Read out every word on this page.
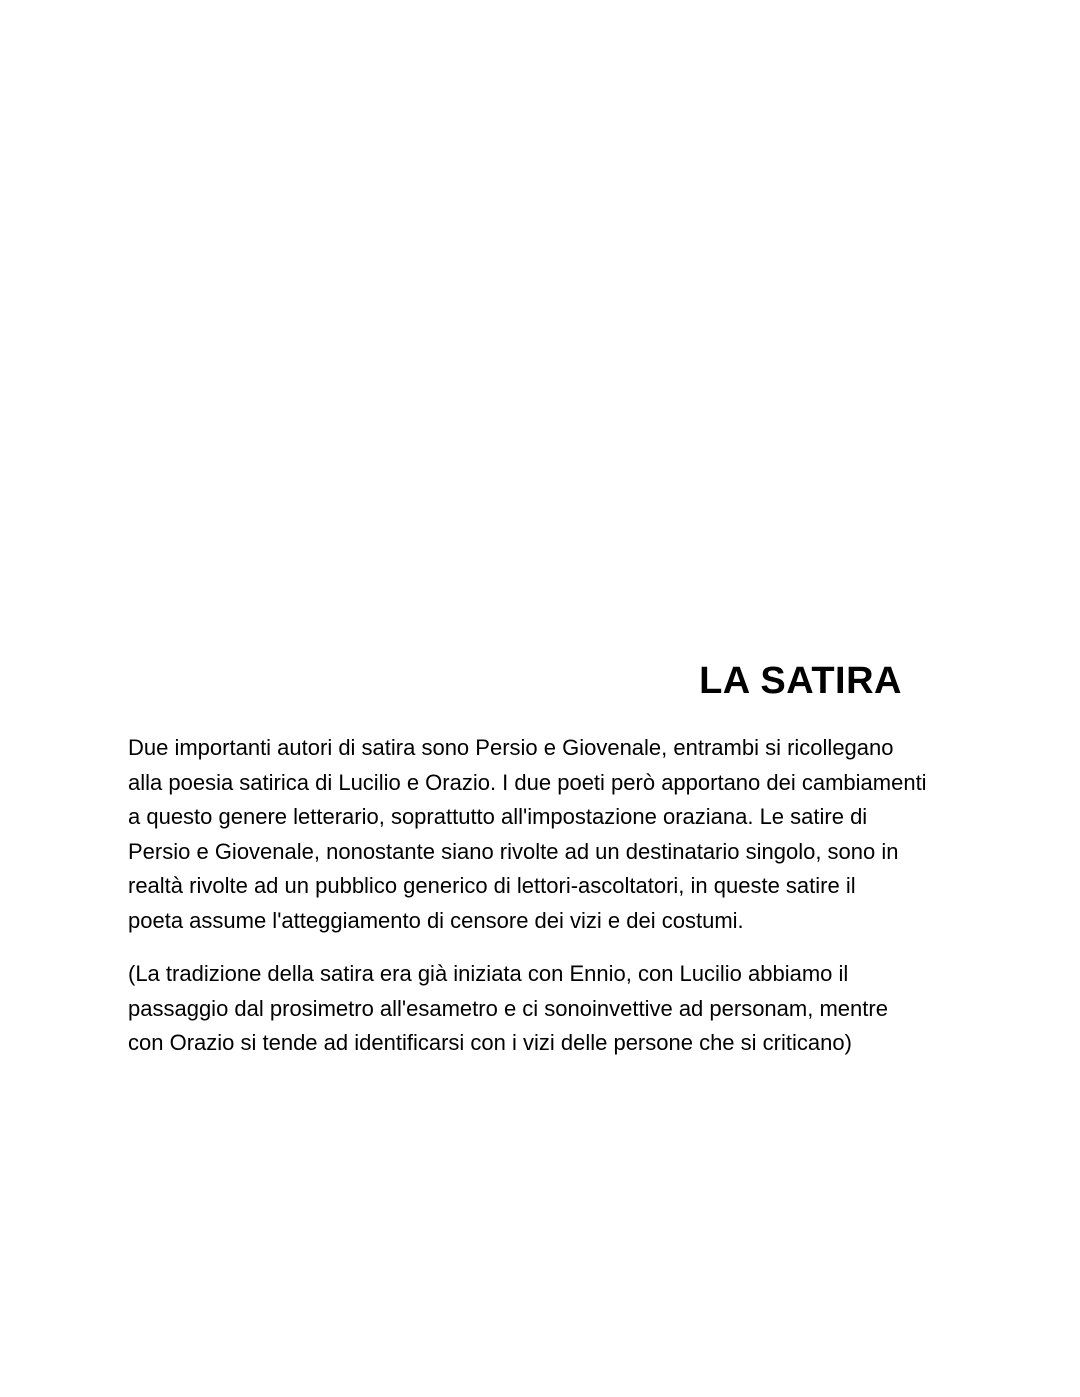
LA SATIRA

Due importanti autori di satira sono Persio e Giovenale, entrambi si ricollegano
alla poesia satirica di Lucilio e Orazio. I due poeti però apportano dei cambiamenti
a questo genere letterario, soprattutto all'impostazione oraziana. Le satire di
Persio e Giovenale, nonostante siano rivolte ad un destinatario singolo, sono in
realtà rivolte ad un pubblico generico di lettori-ascoltatori, in queste satire il
poeta assume l'atteggiamento di censore dei vizi e dei costumi.

(La tradizione della satira era già iniziata con Ennio, con Lucilio abbiamo il
passaggio dal prosimetro all'esametro e ci sonoinvettive ad personam, mentre
con Orazio si tende ad identificarsi con i vizi delle persone che si criticano)
